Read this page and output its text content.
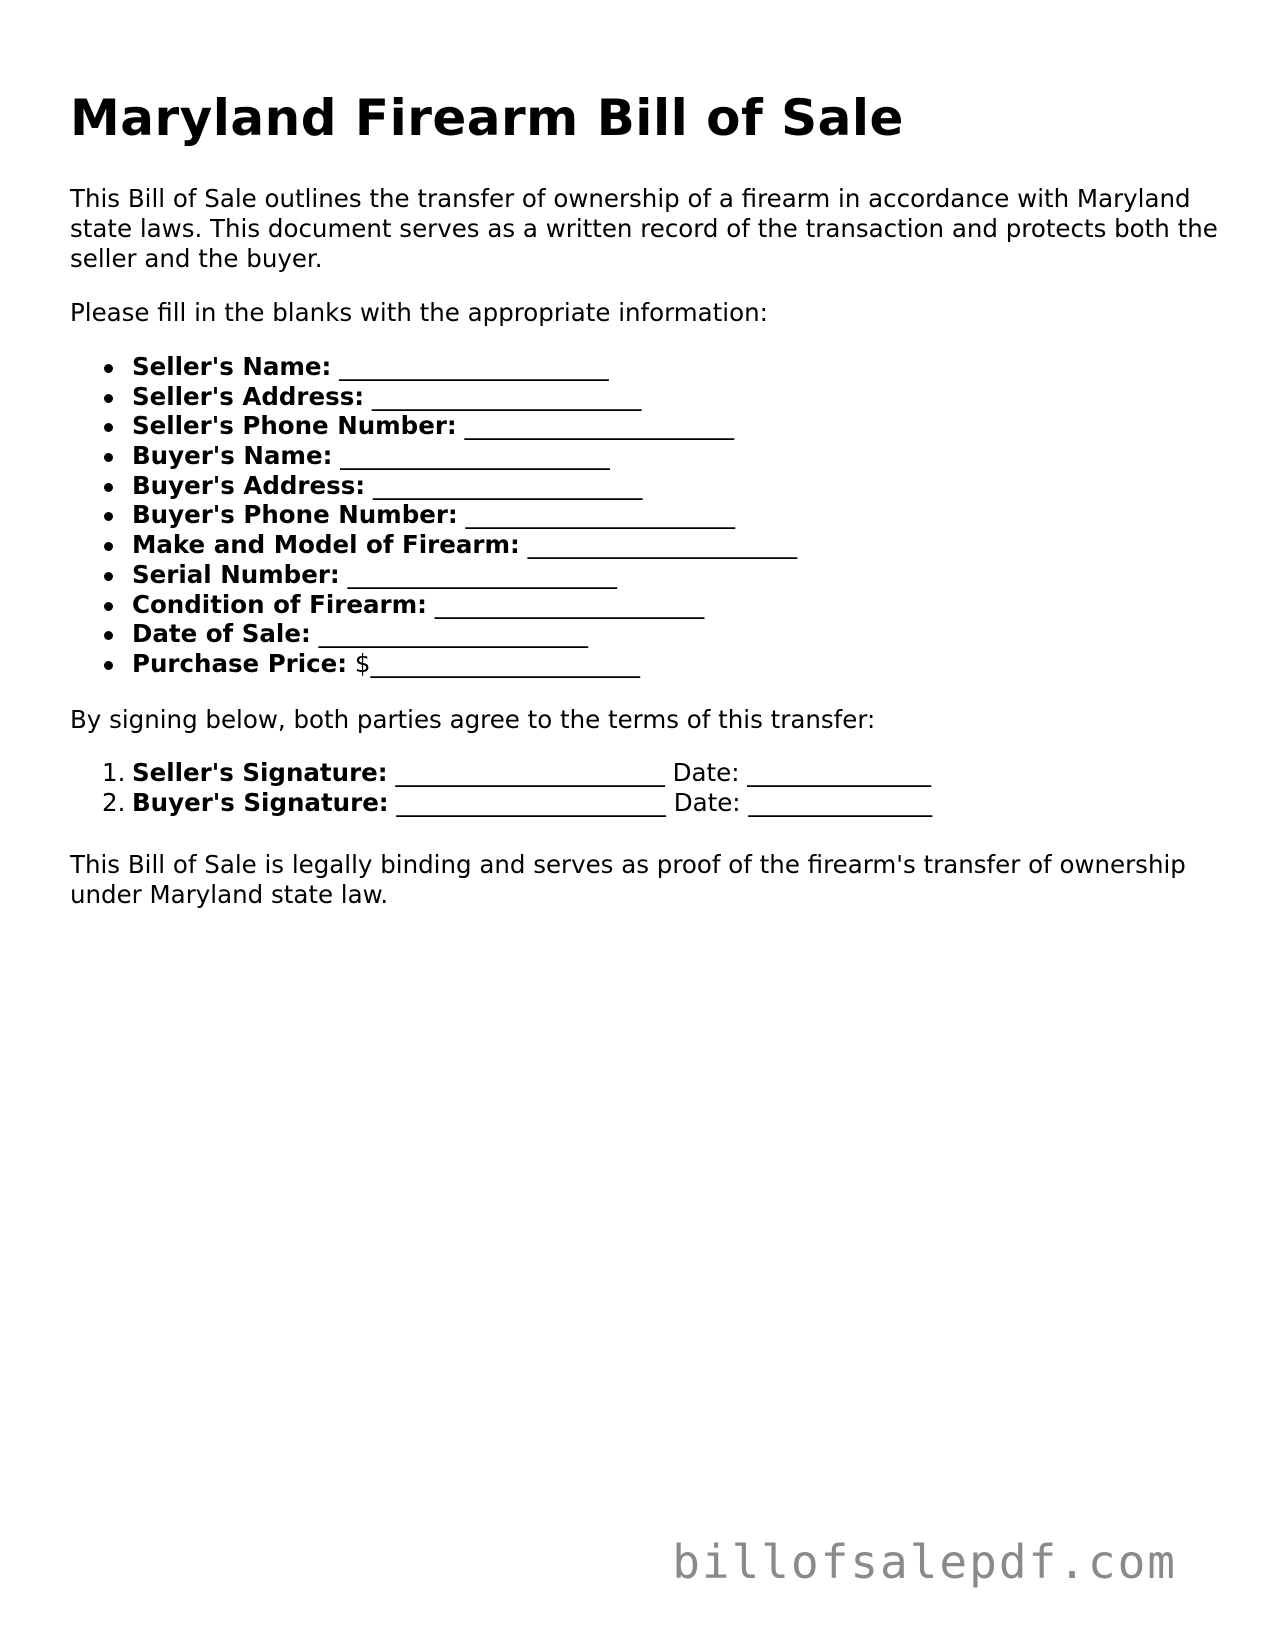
Maryland Firearm Bill of Sale

This Bill of Sale outlines the transfer of ownership of a firearm in accordance with Maryland state laws. This document serves as a written record of the transaction and protects both the seller and the buyer.

Please fill in the blanks with the appropriate information:

Seller's Name: ______________________
Seller's Address: ______________________
Seller's Phone Number: ______________________
Buyer's Name: ______________________
Buyer's Address: ______________________
Buyer's Phone Number: ______________________
Make and Model of Firearm: ______________________
Serial Number: ______________________
Condition of Firearm: ______________________
Date of Sale: ______________________
Purchase Price: $______________________

By signing below, both parties agree to the terms of this transfer:

1. Seller's Signature: ______________________ Date: _______________
2. Buyer's Signature: ______________________ Date: _______________

This Bill of Sale is legally binding and serves as proof of the firearm's transfer of ownership under Maryland state law.

billofsalepdf.com
